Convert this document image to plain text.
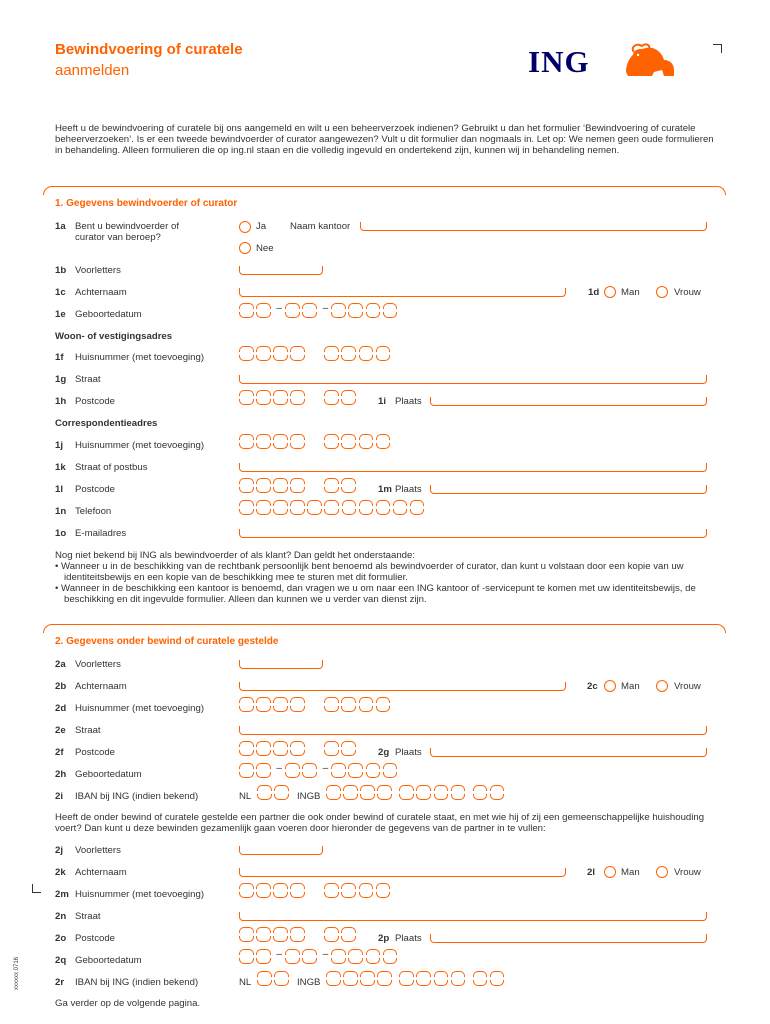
Bewindvoering of curatele
aanmelden	ING
Heeft u de bewindvoering of curatele bij ons aangemeld en wilt u een beheerverzoek indienen? Gebruikt u dan het formulier ‘Bewindvoering of curatele beheerverzoeken’. Is er een tweede bewindvoerder of curator aangewezen? Vult u dit formulier dan nogmaals in. Let op: We nemen geen oude formulieren in behandeling. Alleen formulieren die op ing.nl staan en die volledig ingevuld en ondertekend zijn, kunnen wij in behandeling nemen.
1. Gegevens bewindvoerder of curator
1a Bent u bewindvoerder of curator van beroep?
Ja Naam kantoor
Nee
1b Voorletters
1c Achternaam	1d Man	Vrouw
1e Geboortedatum
–	–
Woon- of vestigingsadres
1f Huisnummer (met toevoeging)
1g Straat
1h Postcode	1i Plaats
Correspondentieadres
1j Huisnummer (met toevoeging)
1k Straat of postbus
1l Postcode	1m Plaats
1n Telefoon
1o E-mailadres
Nog niet bekend bij ING als bewindvoerder of als klant? Dan geldt het onderstaande:
• Wanneer u in de beschikking van de rechtbank persoonlijk bent benoemd als bewindvoerder of curator, dan kunt u volstaan door een kopie van uw identiteitsbewijs en een kopie van de beschikking mee te sturen met dit formulier.
• Wanneer in de beschikking een kantoor is benoemd, dan vragen we u om naar een ING kantoor of -servicepunt te komen met uw identiteitsbewijs, de beschikking en dit ingevulde formulier. Alleen dan kunnen we u verder van dienst zijn.
2. Gegevens onder bewind of curatele gestelde
2a Voorletters
2b Achternaam	2c Man	Vrouw
2d Huisnummer (met toevoeging)
2e Straat
2f Postcode	2g Plaats
2h Geboortedatum
–	–
2i IBAN bij ING (indien bekend)	NL	INGB
Heeft de onder bewind of curatele gestelde een partner die ook onder bewind of curatele staat, en met wie hij of zij een gemeenschappelijke huishouding voert? Dan kunt u deze bewinden gezamenlijk gaan voeren door hieronder de gegevens van de partner in te vullen:
2j Voorletters
2k Achternaam	2l	Man	Vrouw
2m Huisnummer (met toevoeging)
2n Straat
2o Postcode	2p Plaats
2q Geboortedatum
–	–
2r IBAN bij ING (indien bekend)	NL	INGB
Ga verder op de volgende pagina.
xxxxxx 0716
